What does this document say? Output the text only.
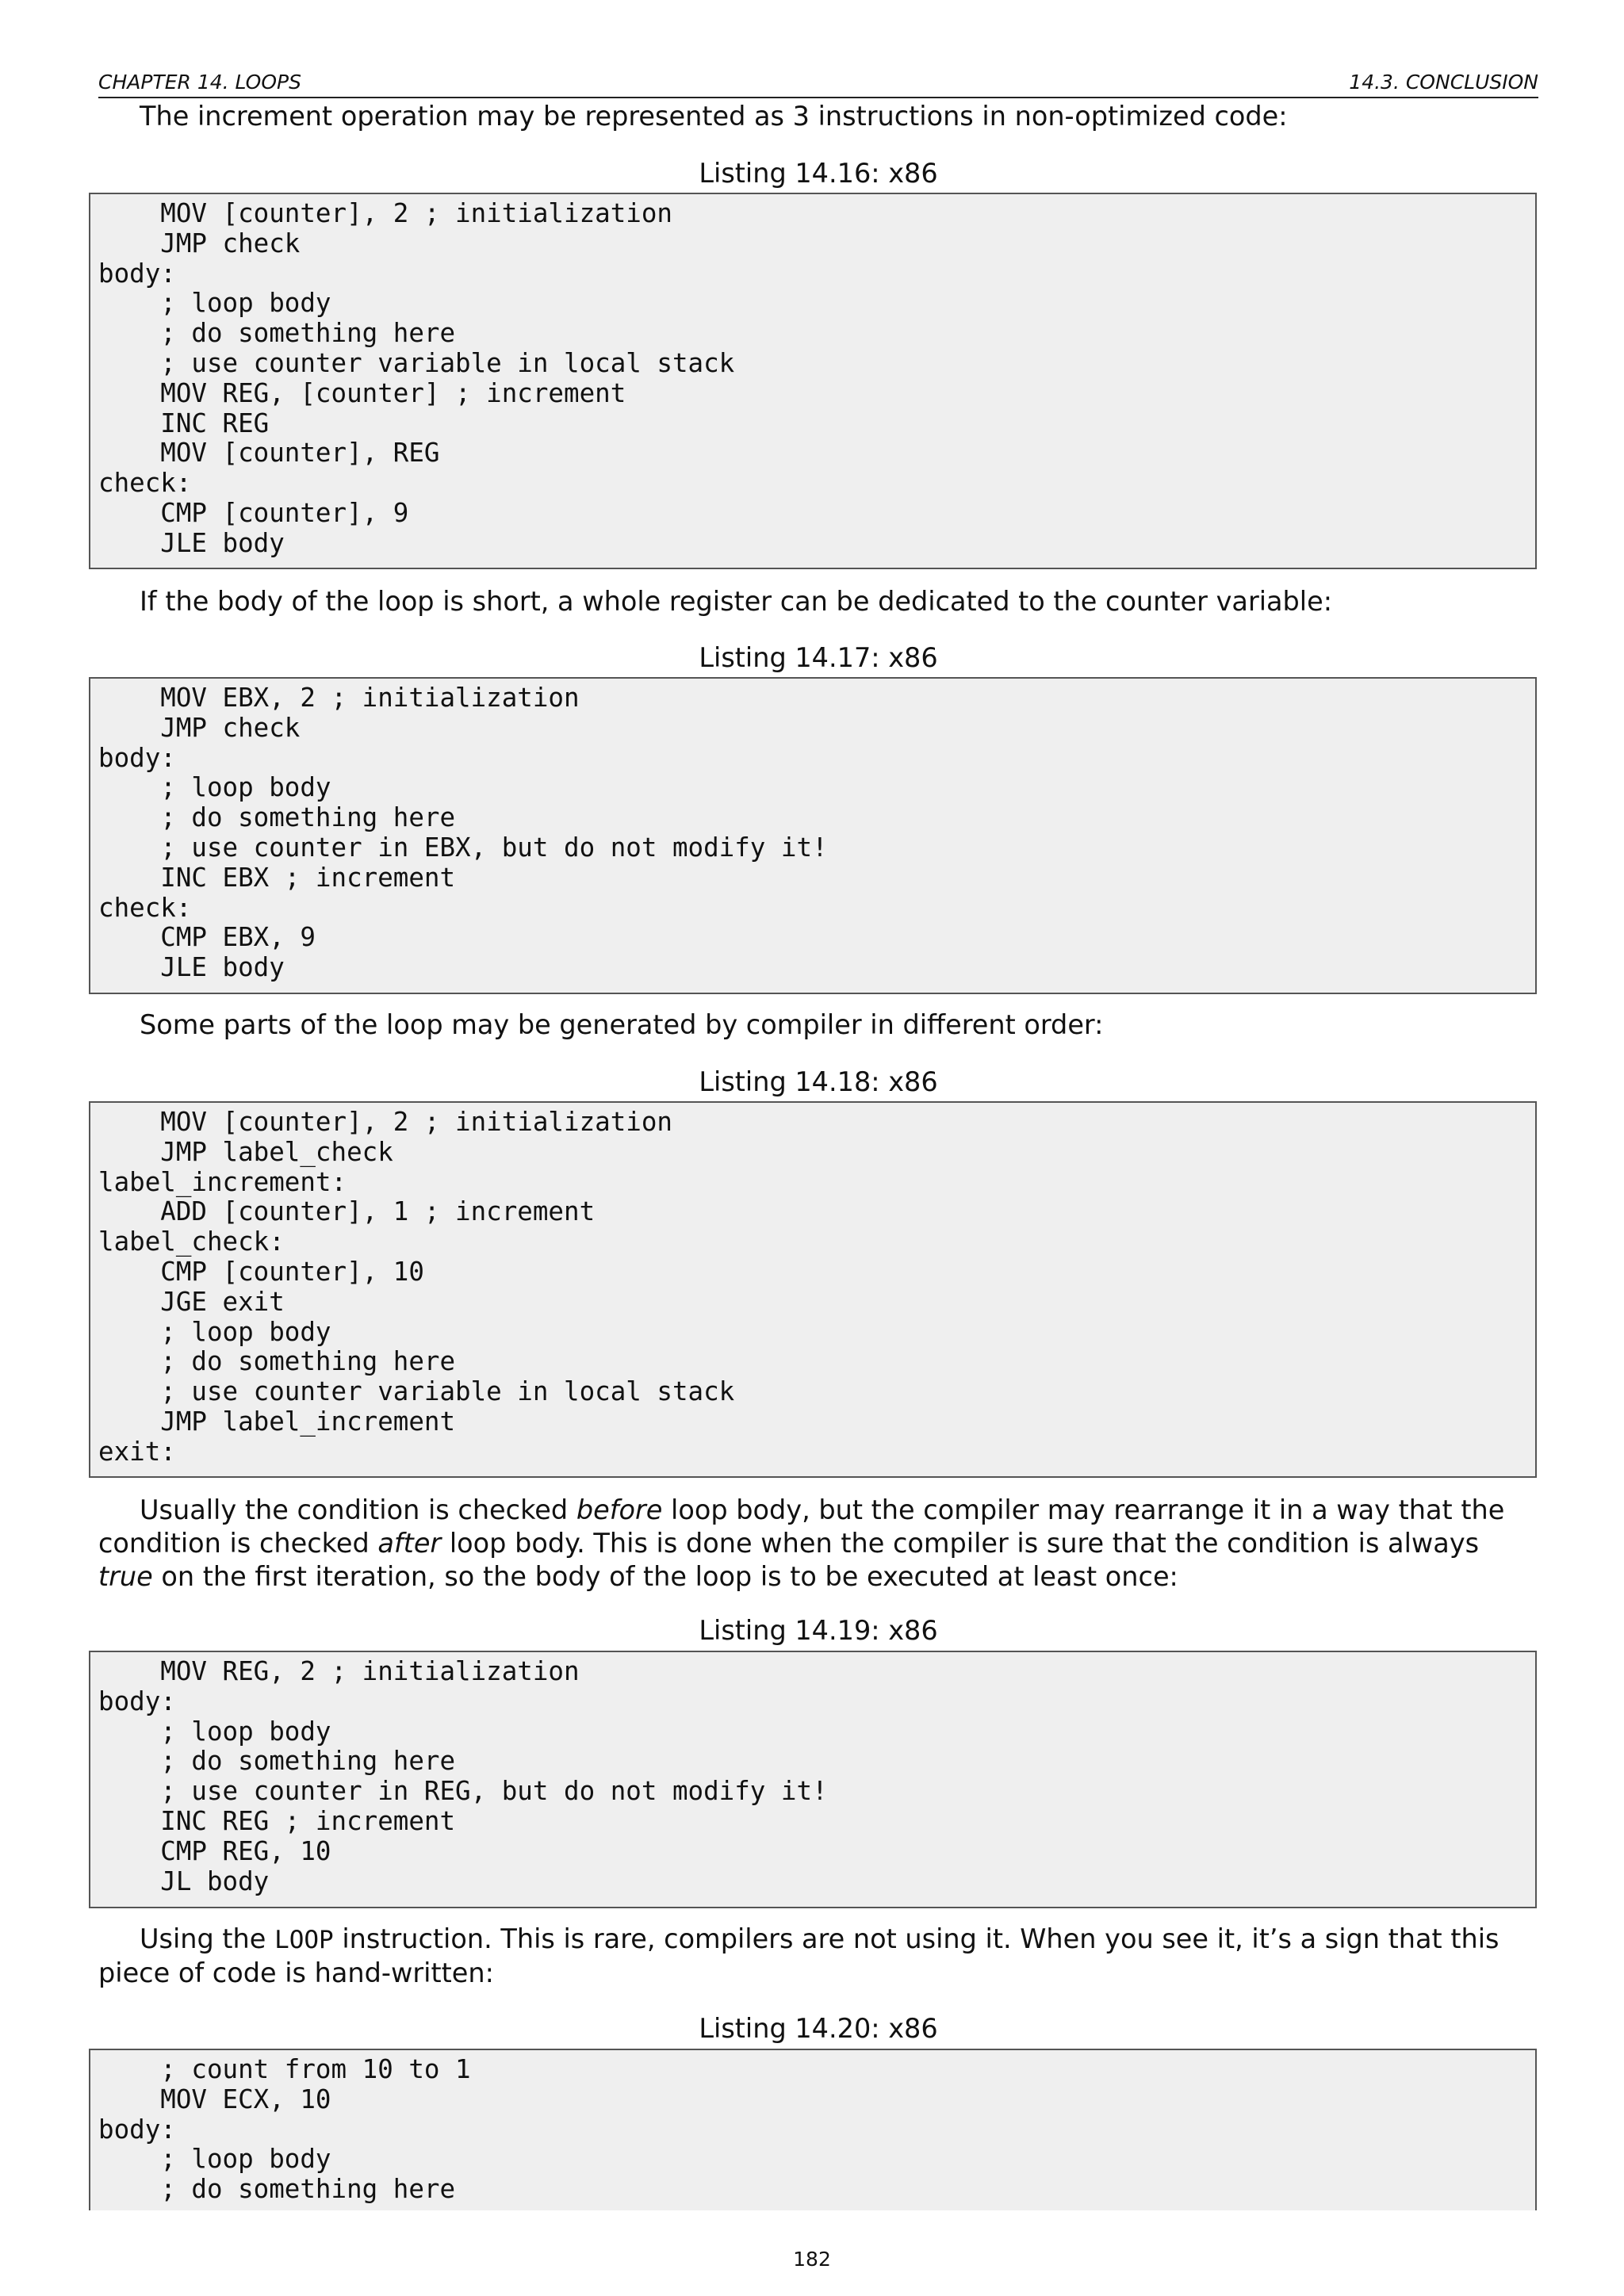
CHAPTER 14. LOOPS	14.3. CONCLUSION
The increment operation may be represented as 3 instructions in non-optimized code:
Listing 14.16: x86
MOV [counter], 2 ; initialization
JMP check
body:
; loop body
; do something here
; use counter variable in local stack
MOV REG, [counter] ; increment
INC REG
MOV [counter], REG
check:
CMP [counter], 9
JLE body
If the body of the loop is short, a whole register can be dedicated to the counter variable:
Listing 14.17: x86
MOV EBX, 2 ; initialization
JMP check
body:
; loop body
; do something here
; use counter in EBX, but do not modify it!
INC EBX ; increment
check:
CMP EBX, 9
JLE body
Some parts of the loop may be generated by compiler in different order:
Listing 14.18: x86
MOV [counter], 2 ; initialization
JMP label_check
label_increment:
ADD [counter], 1 ; increment
label_check:
CMP [counter], 10
JGE exit
; loop body
; do something here
; use counter variable in local stack
JMP label_increment
exit:
Usually the condition is checked before loop body, but the compiler may rearrange it in a way that the condition is checked after loop body. This is done when the compiler is sure that the condition is always true on the first iteration, so the body of the loop is to be executed at least once:
Listing 14.19: x86
MOV REG, 2 ; initialization
body:
; loop body
; do something here
; use counter in REG, but do not modify it!
INC REG ; increment
CMP REG, 10
JL body
Using the LOOP instruction. This is rare, compilers are not using it. When you see it, it’s a sign that this piece of code is hand-written:
Listing 14.20: x86
; count from 10 to 1
MOV ECX, 10
body:
; loop body
; do something here
182
